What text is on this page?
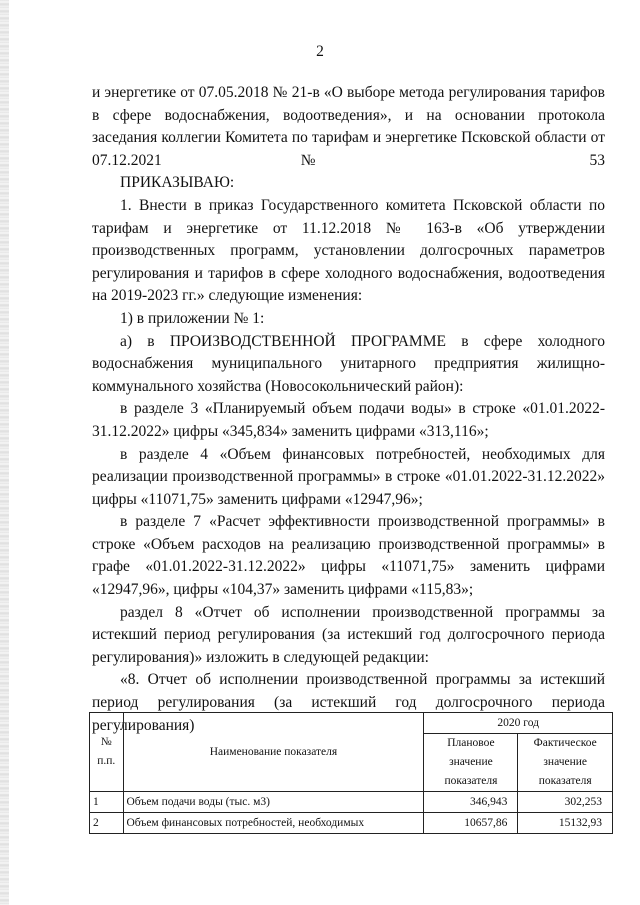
2

и энергетике от 07.05.2018 № 21-в «О выборе метода регулирования тарифов в сфере водоснабжения, водоотведения», и на основании протокола заседания коллегии Комитета по тарифам и энергетике Псковской области от 07.12.2021 № 53

ПРИКАЗЫВАЮ:

1. Внести в приказ Государственного комитета Псковской области по тарифам и энергетике от 11.12.2018 № 163-в «Об утверждении производственных программ, установлении долгосрочных параметров регулирования и тарифов в сфере холодного водоснабжения, водоотведения на 2019-2023 гг.» следующие изменения:

1) в приложении № 1:

а) в ПРОИЗВОДСТВЕННОЙ ПРОГРАММЕ в сфере холодного водоснабжения муниципального унитарного предприятия жилищно-коммунального хозяйства (Новосокольнический район):

в разделе 3 «Планируемый объем подачи воды» в строке «01.01.2022-31.12.2022» цифры «345,834» заменить цифрами «313,116»;

в разделе 4 «Объем финансовых потребностей, необходимых для реализации производственной программы» в строке «01.01.2022-31.12.2022» цифры «11071,75» заменить цифрами «12947,96»;

в разделе 7 «Расчет эффективности производственной программы» в строке «Объем расходов на реализацию производственной программы» в графе «01.01.2022-31.12.2022» цифры «11071,75» заменить цифрами «12947,96», цифры «104,37» заменить цифрами «115,83»;

раздел 8 «Отчет об исполнении производственной программы за истекший период регулирования (за истекший год долгосрочного периода регулирования)» изложить в следующей редакции:

«8. Отчет об исполнении производственной программы за истекший период регулирования (за истекший год долгосрочного периода регулирования)

№ п.п.	Наименование показателя	2020 год	
		Плановое значение показателя	Фактическое значение показателя
1	Объем подачи воды (тыс. м3)	346,943	302,253
2	Объем финансовых потребностей, необходимых	10657,86	15132,93
